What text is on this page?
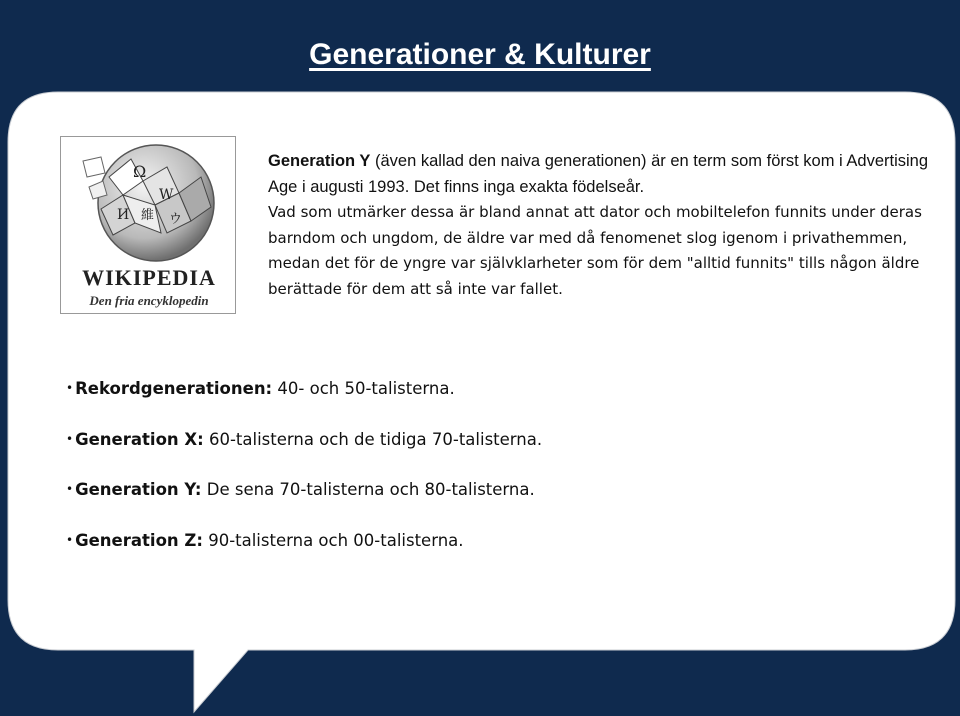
Generationer & Kulturer
Ω
W
И	ウ
維
WIKIPEDIA
Den fria encyklopedin
Generation Y (även kallad den naiva generationen) är en term som först kom i Advertising Age i augusti 1993. Det finns inga exakta födelseår.
Vad som utmärker dessa är bland annat att dator och mobiltelefon funnits under deras barndom och ungdom, de äldre var med då fenomenet slog igenom i privathemmen, medan det för de yngre var självklarheter som för dem "alltid funnits" tills någon äldre berättade för dem att så inte var fallet.
• Rekordgenerationen: 40- och 50-talisterna.
• Generation X: 60-talisterna och de tidiga 70-talisterna.
• Generation Y: De sena 70-talisterna och 80-talisterna.
• Generation Z: 90-talisterna och 00-talisterna.
